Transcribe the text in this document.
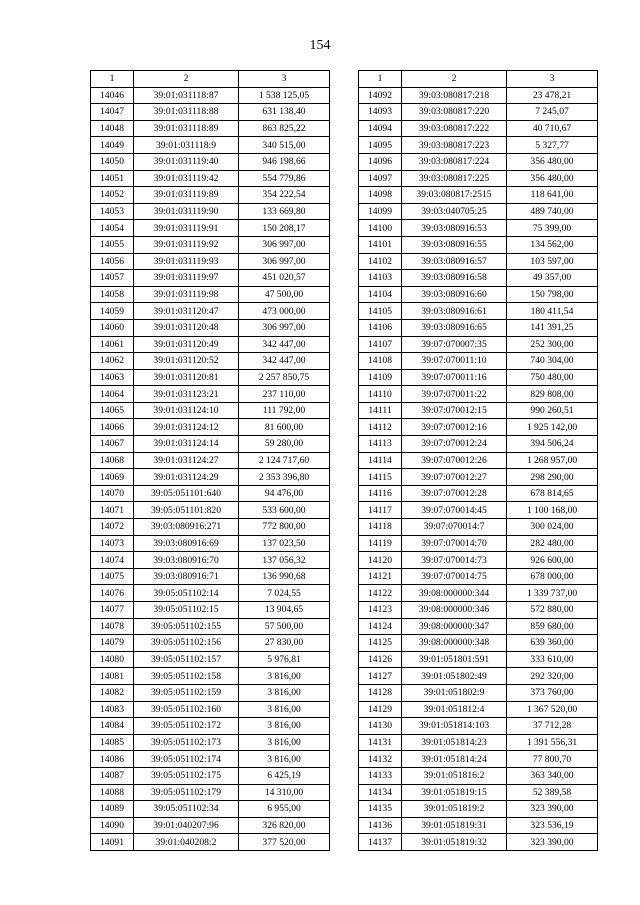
154
1	2	3
14046	39:01:031118:87	1 538 125,05
14047	39:01:031118:88	631 138,40
14048	39:01:031118:89	863 825,22
14049	39:01:031118:9	340 515,00
14050	39:01:031119:40	946 198,66
14051	39:01:031119:42	554 779,86
14052	39:01:031119:89	354 222,54
14053	39:01:031119:90	133 669,80
14054	39:01:031119:91	150 208,17
14055	39:01:031119:92	306 997,00
14056	39:01:031119:93	306 997,00
14057	39:01:031119:97	451 020,57
14058	39:01:031119:98	47 500,00
14059	39:01:031120:47	473 000,00
14060	39:01:031120:48	306 997,00
14061	39:01:031120:49	342 447,00
14062	39:01:031120:52	342 447,00
14063	39:01:031120:81	2 257 850,75
14064	39:01:031123:21	237 110,00
14065	39:01:031124:10	111 792,00
14066	39:01:031124:12	81 600,00
14067	39:01:031124:14	59 280,00
14068	39:01:031124:27	2 124 717,60
14069	39:01:031124:29	2 353 396,80
14070	39:05:051101:640	94 476,00
14071	39:05:051101:820	533 600,00
14072	39:03:080916:271	772 800,00
14073	39:03:080916:69	137 023,50
14074	39:03:080916:70	137 056,32
14075	39:03:080916:71	136 990,68
14076	39:05:051102:14	7 024,55
14077	39:05:051102:15	13 904,65
14078	39:05:051102:155	57 500,00
14079	39:05:051102:156	27 830,00
14080	39:05:051102:157	5 976,81
14081	39:05:051102:158	3 816,00
14082	39:05:051102:159	3 816,00
14083	39:05:051102:160	3 816,00
14084	39:05:051102:172	3 816,00
14085	39:05:051102:173	3 816,00
14086	39:05:051102:174	3 816,00
14087	39:05:051102:175	6 425,19
14088	39:05:051102:179	14 310,00
14089	39:05:051102:34	6 955,00
14090	39:01:040207:96	326 820,00
14091	39:01:040208:2	377 520,00
1	2	3
14092	39:03:080817:218	23 478,21
14093	39:03:080817:220	7 245,07
14094	39:03:080817:222	40 710,67
14095	39:03:080817:223	5 327,77
14096	39:03:080817:224	356 480,00
14097	39:03:080817:225	356 480,00
14098	39:03:080817:2515	118 641,00
14099	39:03:040705:25	489 740,00
14100	39:03:080916:53	75 399,00
14101	39:03:080916:55	134 562,00
14102	39:03:080916:57	103 597,00
14103	39:03:080916:58	49 357,00
14104	39:03:080916:60	150 798,00
14105	39:03:080916:61	180 411,54
14106	39:03:080916:65	141 391,25
14107	39:07:070007:35	252 300,00
14108	39:07:070011:10	740 304,00
14109	39:07:070011:16	750 480,00
14110	39:07:070011:22	829 808,00
14111	39:07:070012:15	990 260,51
14112	39:07:070012:16	1 925 142,00
14113	39:07:070012:24	394 506,24
14114	39:07:070012:26	1 268 957,00
14115	39:07:070012:27	298 290,00
14116	39:07:070012:28	678 814,65
14117	39:07:070014:45	1 100 168,00
14118	39:07:070014:7	300 024,00
14119	39:07:070014:70	282 480,00
14120	39:07:070014:73	926 600,00
14121	39:07:070014:75	678 000,00
14122	39:08:000000:344	1 339 737,00
14123	39:08:000000:346	572 880,00
14124	39:08:000000:347	859 680,00
14125	39:08:000000:348	639 360,00
14126	39:01:051801:591	333 610,00
14127	39:01:051802:49	292 320,00
14128	39:01:051802:9	373 760,00
14129	39:01:051812:4	1 367 520,00
14130	39:01:051814:103	37 712,28
14131	39:01:051814:23	1 391 556,31
14132	39:01:051814:24	77 800,70
14133	39:01:051816:2	363 340,00
14134	39:01:051819:15	52 389,58
14135	39:01:051819:2	323 390,00
14136	39:01:051819:31	323 536,19
14137	39:01:051819:32	323 390,00
